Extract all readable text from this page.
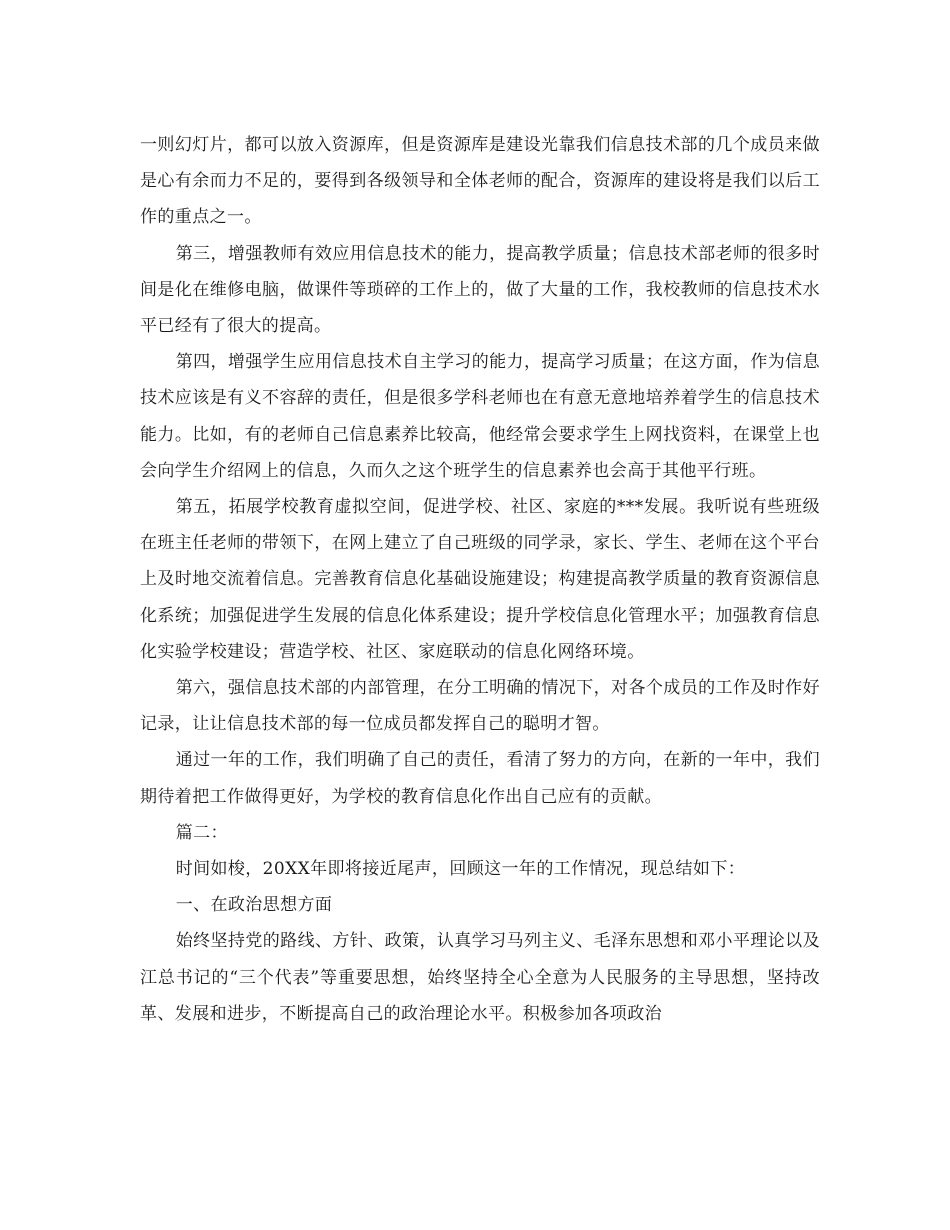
一则幻灯片，都可以放入资源库，但是资源库是建设光靠我们信息技术部的几个成员来做是心有余而力不足的，要得到各级领导和全体老师的配合，资源库的建设将是我们以后工作的重点之一。

第三，增强教师有效应用信息技术的能力，提高教学质量；信息技术部老师的很多时间是化在维修电脑，做课件等琐碎的工作上的，做了大量的工作，我校教师的信息技术水平已经有了很大的提高。

第四，增强学生应用信息技术自主学习的能力，提高学习质量；在这方面，作为信息技术应该是有义不容辞的责任，但是很多学科老师也在有意无意地培养着学生的信息技术能力。比如，有的老师自己信息素养比较高，他经常会要求学生上网找资料，在课堂上也会向学生介绍网上的信息，久而久之这个班学生的信息素养也会高于其他平行班。

第五，拓展学校教育虚拟空间，促进学校、社区、家庭的***发展。我听说有些班级在班主任老师的带领下，在网上建立了自己班级的同学录，家长、学生、老师在这个平台上及时地交流着信息。完善教育信息化基础设施建设；构建提高教学质量的教育资源信息化系统；加强促进学生发展的信息化体系建设；提升学校信息化管理水平；加强教育信息化实验学校建设；营造学校、社区、家庭联动的信息化网络环境。

第六，强信息技术部的内部管理，在分工明确的情况下，对各个成员的工作及时作好记录，让让信息技术部的每一位成员都发挥自己的聪明才智。

通过一年的工作，我们明确了自己的责任，看清了努力的方向，在新的一年中，我们期待着把工作做得更好，为学校的教育信息化作出自己应有的贡献。

篇二：

时间如梭，20XX年即将接近尾声，回顾这一年的工作情况，现总结如下：

一、在政治思想方面

始终坚持党的路线、方针、政策，认真学习马列主义、毛泽东思想和邓小平理论以及江总书记的“三个代表”等重要思想，始终坚持全心全意为人民服务的主导思想，坚持改革、发展和进步，不断提高自己的政治理论水平。积极参加各项政治
